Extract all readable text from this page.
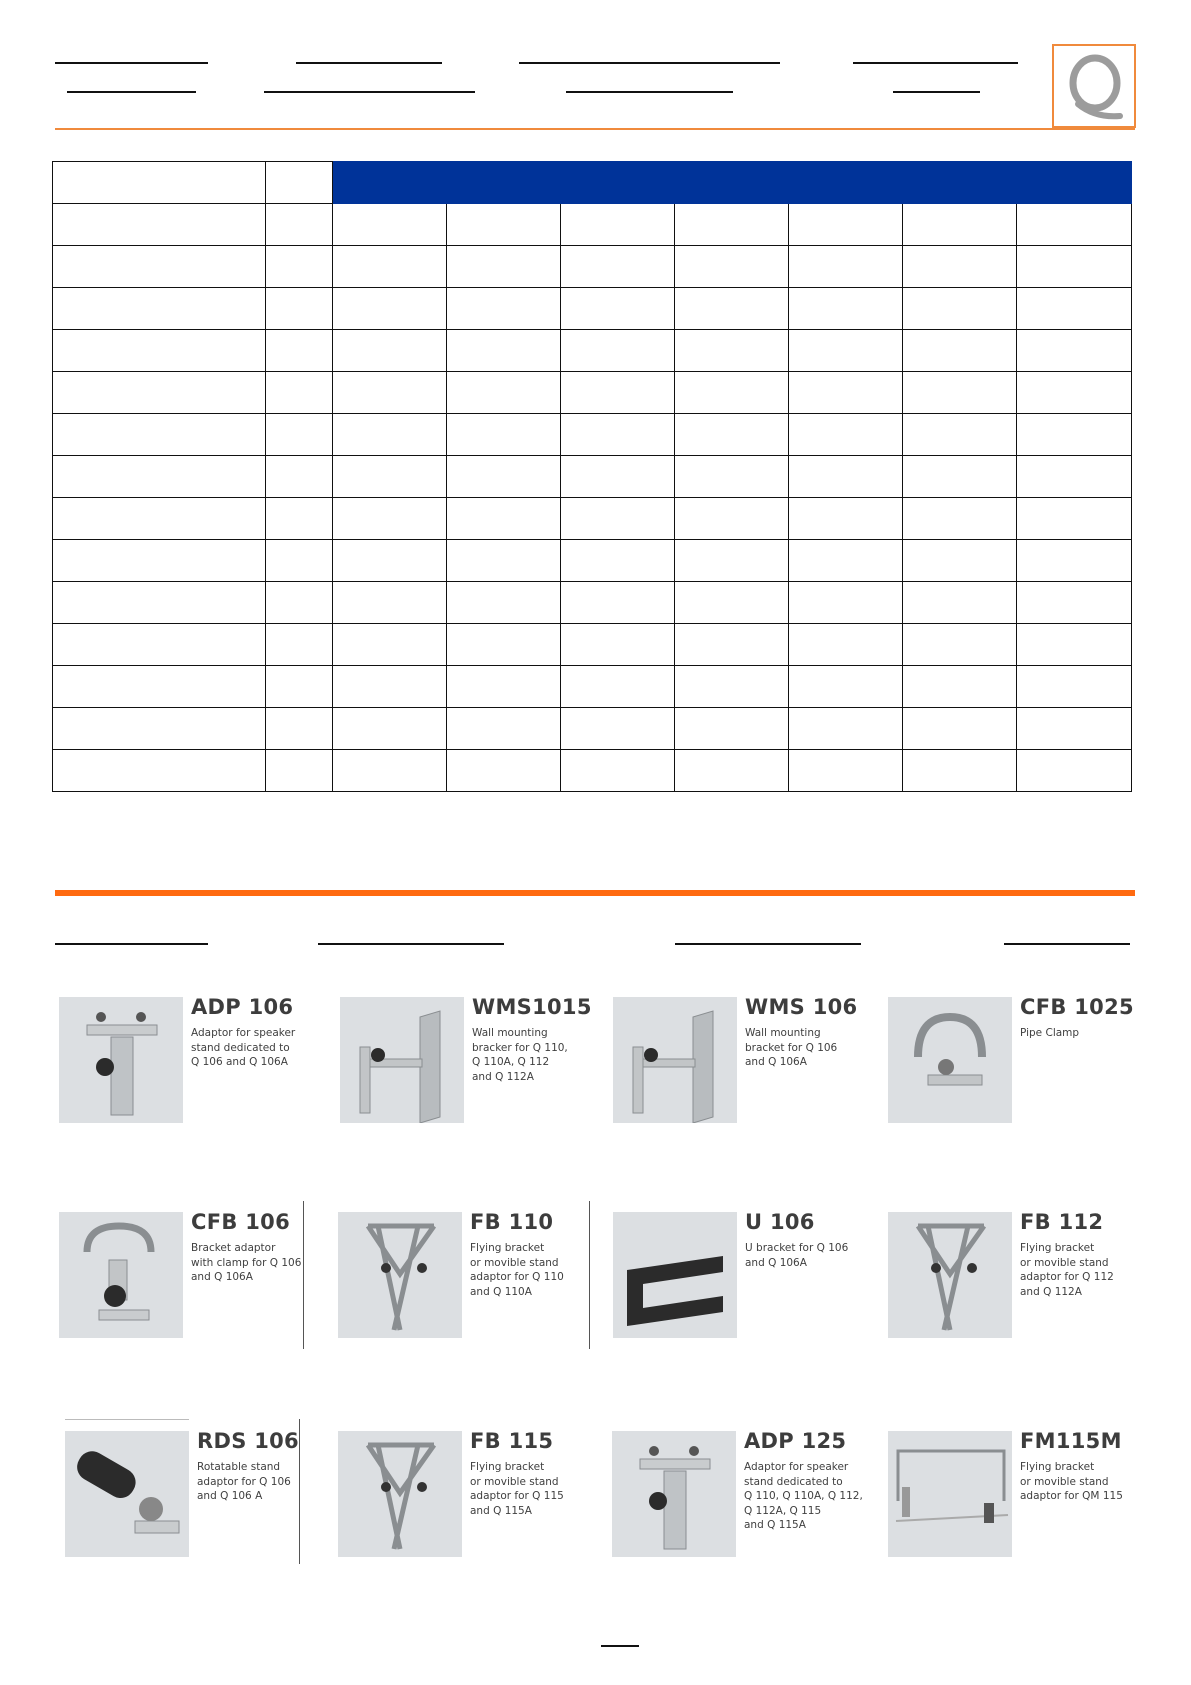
ADP 106
Adaptor for speaker
stand dedicated to
Q 106 and Q 106A
WMS1015
Wall mounting
bracker for Q 110,
Q 110A, Q 112
and Q 112A
WMS 106
Wall mounting
bracket for Q 106
and Q 106A
CFB 1025
Pipe Clamp
CFB 106
Bracket adaptor
with clamp for Q 106
and Q 106A
FB 110
Flying bracket
or movible stand
adaptor for Q 110
and Q 110A
U 106
U bracket for Q 106
and Q 106A
FB 112
Flying bracket
or movible stand
adaptor for Q 112
and Q 112A
RDS 106
Rotatable stand
adaptor for Q 106
and Q 106 A
FB 115
Flying bracket
or movible stand
adaptor for Q 115
and Q 115A
ADP 125
Adaptor for speaker
stand dedicated to
Q 110, Q 110A, Q 112,
Q 112A, Q 115
and Q 115A
FM115M
Flying bracket
or movible stand
adaptor for QM 115
